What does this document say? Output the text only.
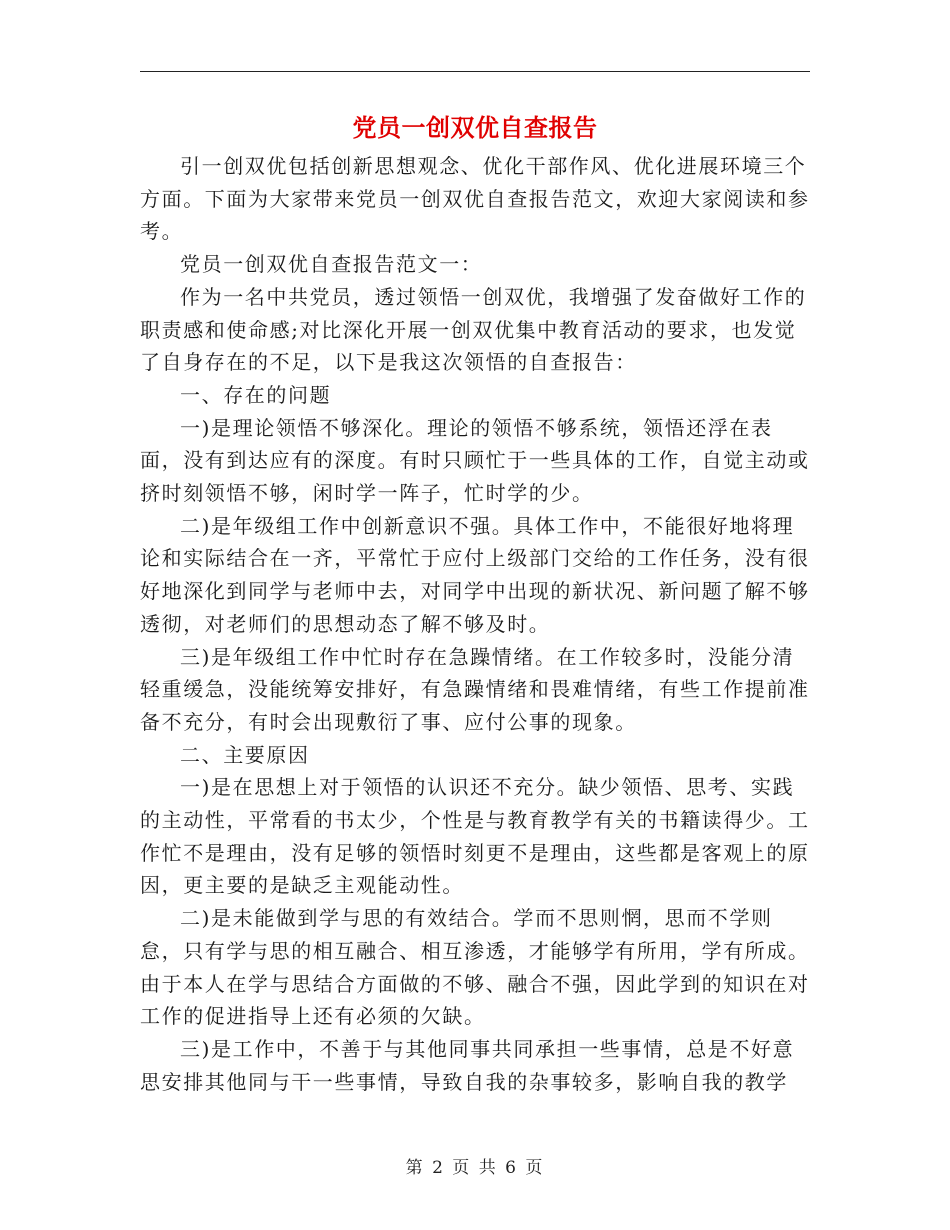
党员一创双优自查报告

引一创双优包括创新思想观念、优化干部作风、优化进展环境三个方面。下面为大家带来党员一创双优自查报告范文，欢迎大家阅读和参考。

党员一创双优自查报告范文一：

作为一名中共党员，透过领悟一创双优，我增强了发奋做好工作的职责感和使命感;对比深化开展一创双优集中教育活动的要求，也发觉了自身存在的不足，以下是我这次领悟的自查报告：

一、存在的问题

一)是理论领悟不够深化。理论的领悟不够系统，领悟还浮在表面，没有到达应有的深度。有时只顾忙于一些具体的工作，自觉主动或挤时刻领悟不够，闲时学一阵子，忙时学的少。

二)是年级组工作中创新意识不强。具体工作中，不能很好地将理论和实际结合在一齐，平常忙于应付上级部门交给的工作任务，没有很好地深化到同学与老师中去，对同学中出现的新状况、新问题了解不够透彻，对老师们的思想动态了解不够及时。

三)是年级组工作中忙时存在急躁情绪。在工作较多时，没能分清轻重缓急，没能统筹安排好，有急躁情绪和畏难情绪，有些工作提前准备不充分，有时会出现敷衍了事、应付公事的现象。

二、主要原因

一)是在思想上对于领悟的认识还不充分。缺少领悟、思考、实践的主动性，平常看的书太少，个性是与教育教学有关的书籍读得少。工作忙不是理由，没有足够的领悟时刻更不是理由，这些都是客观上的原因，更主要的是缺乏主观能动性。

二)是未能做到学与思的有效结合。学而不思则惘，思而不学则怠，只有学与思的相互融合、相互渗透，才能够学有所用，学有所成。由于本人在学与思结合方面做的不够、融合不强，因此学到的知识在对工作的促进指导上还有必须的欠缺。

三)是工作中，不善于与其他同事共同承担一些事情，总是不好意思安排其他同与干一些事情，导致自我的杂事较多，影响自我的教学

第 2 页 共 6 页
